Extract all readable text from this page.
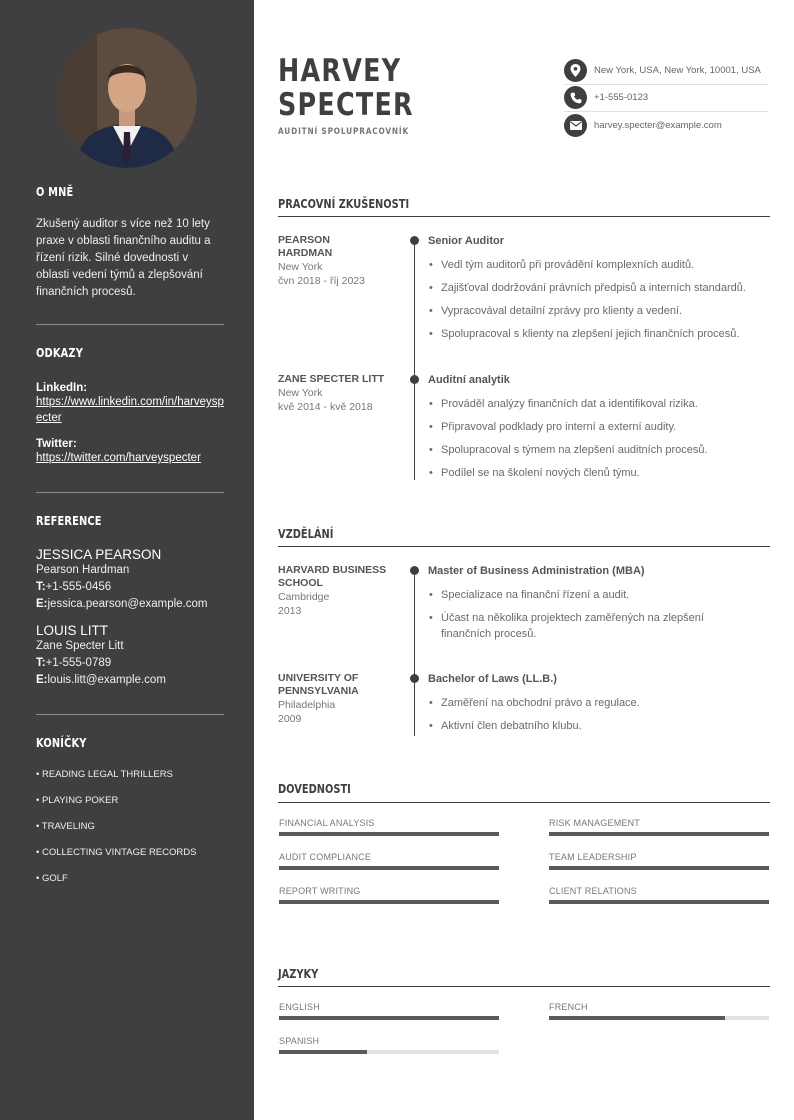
O MNĚ
Zkušený auditor s více než 10 lety praxe v oblasti finančního auditu a řízení rizik. Silné dovednosti v oblasti vedení týmů a zlepšování finančních procesů.
ODKAZY
LinkedIn:
https://www.linkedin.com/in/harveyspecter
Twitter:
https://twitter.com/harveyspecter
REFERENCE
JESSICA PEARSON
Pearson Hardman
T:+1-555-0456
E:jessica.pearson@example.com
LOUIS LITT
Zane Specter Litt
T:+1-555-0789
E:louis.litt@example.com
KONÍČKY
• READING LEGAL THRILLERS
• PLAYING POKER
• TRAVELING
• COLLECTING VINTAGE RECORDS
• GOLF
HARVEY
SPECTER
AUDITNÍ SPOLUPRACOVNÍK
New York, USA, New York, 10001, USA
+1-555-0123
harvey.specter@example.com
PRACOVNÍ ZKUŠENOSTI
PEARSON HARDMAN
New York
čvn 2018 - říj 2023
Senior Auditor
• Vedl tým auditorů při provádění komplexních auditů.
• Zajišťoval dodržování právních předpisů a interních standardů.
• Vypracovával detailní zprávy pro klienty a vedení.
• Spolupracoval s klienty na zlepšení jejich finančních procesů.
ZANE SPECTER LITT
New York
kvě 2014 - kvě 2018
Auditní analytik
• Prováděl analýzy finančních dat a identifikoval rizika.
• Připravoval podklady pro interní a externí audity.
• Spolupracoval s týmem na zlepšení auditních procesů.
• Podílel se na školení nových členů týmu.
VZDĚLÁNÍ
HARVARD BUSINESS SCHOOL
Cambridge
2013
Master of Business Administration (MBA)
• Specializace na finanční řízení a audit.
• Účast na několika projektech zaměřených na zlepšení finančních procesů.
UNIVERSITY OF PENNSYLVANIA
Philadelphia
2009
Bachelor of Laws (LL.B.)
• Zaměření na obchodní právo a regulace.
• Aktivní člen debatního klubu.
DOVEDNOSTI
FINANCIAL ANALYSIS	RISK MANAGEMENT
AUDIT COMPLIANCE	TEAM LEADERSHIP
REPORT WRITING	CLIENT RELATIONS
JAZYKY
ENGLISH	FRENCH
SPANISH
